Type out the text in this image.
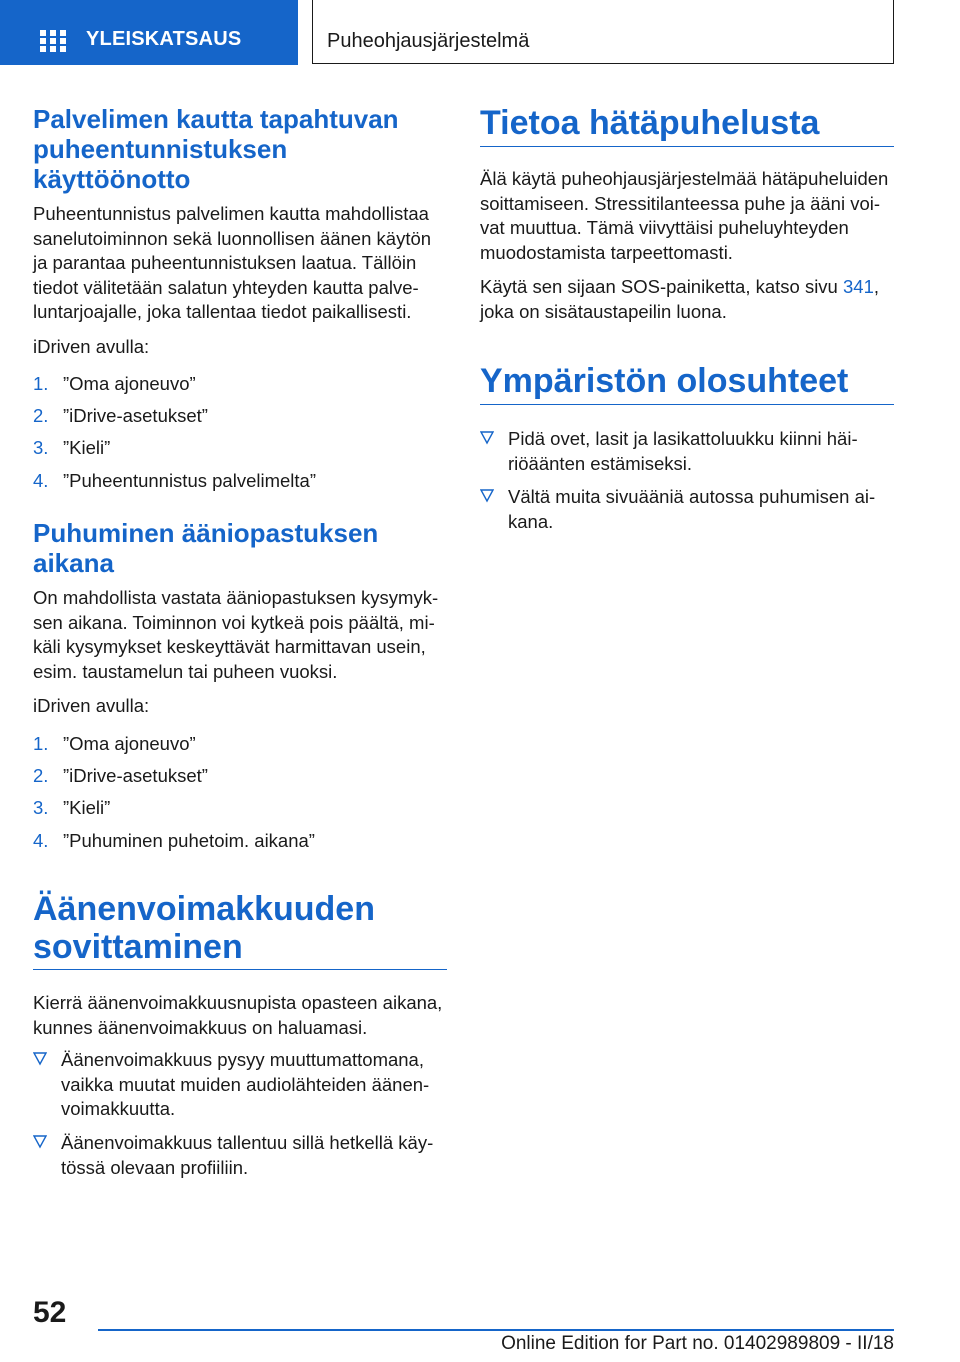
YLEISKATSAUS	Puheohjausjärjestelmä
Palvelimen kautta tapahtuvan
puheentunnistuksen
käyttöönotto
Puheentunnistus palvelimen kautta mahdollistaa
sanelutoiminnon sekä luonnollisen äänen käytön
ja parantaa puheentunnistuksen laatua. Tällöin
tiedot välitetään salatun yhteyden kautta palve‐
luntarjoajalle, joka tallentaa tiedot paikallisesti.
iDriven avulla:
1. ”Oma ajoneuvo”
2. ”iDrive-asetukset”
3. ”Kieli”
4. ”Puheentunnistus palvelimelta”
Puhuminen ääniopastuksen
aikana
On mahdollista vastata ääniopastuksen kysymyk‐
sen aikana. Toiminnon voi kytkeä pois päältä, mi‐
käli kysymykset keskeyttävät harmittavan usein,
esim. taustamelun tai puheen vuoksi.
iDriven avulla:
1. ”Oma ajoneuvo”
2. ”iDrive-asetukset”
3. ”Kieli”
4. ”Puhuminen puhetoim. aikana”
Äänenvoimakkuuden
sovittaminen
Kierrä äänenvoimakkuusnupista opasteen aikana,
kunnes äänenvoimakkuus on haluamasi.
Äänenvoimakkuus pysyy muuttumattomana,
vaikka muutat muiden audiolähteiden äänen‐
voimakkuutta.
Äänenvoimakkuus tallentuu sillä hetkellä käy‐
tössä olevaan profiiliin.
Tietoa hätäpuhelusta
Älä käytä puheohjausjärjestelmää hätäpuheluiden
soittamiseen. Stressitilanteessa puhe ja ääni voi‐
vat muuttua. Tämä viivyttäisi puheluyhteyden
muodostamista tarpeettomasti.
Käytä sen sijaan SOS-painiketta, katso sivu 341,
joka on sisätaustapeilin luona.
Ympäristön olosuhteet
Pidä ovet, lasit ja lasikattoluukku kiinni häi‐
riöäänten estämiseksi.
Vältä muita sivuääniä autossa puhumisen ai‐
kana.
52
Online Edition for Part no. 01402989809 - II/18
